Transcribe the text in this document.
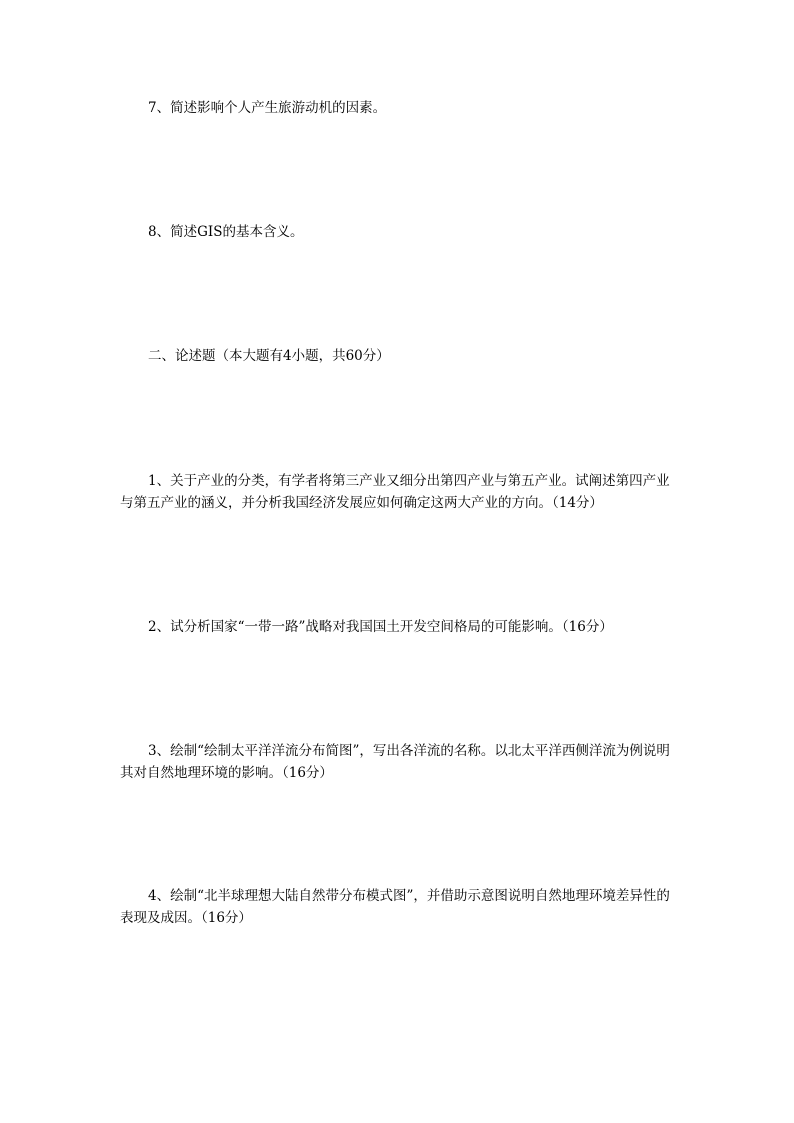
7、简述影响个人产生旅游动机的因素。

8、简述GIS的基本含义。

二、论述题（本大题有4小题，共60分）

1、关于产业的分类，有学者将第三产业又细分出第四产业与第五产业。试阐述第四产业与第五产业的涵义，并分析我国经济发展应如何确定这两大产业的方向。（14分）

2、试分析国家“一带一路”战略对我国国土开发空间格局的可能影响。（16分）

3、绘制“绘制太平洋洋流分布简图”，写出各洋流的名称。以北太平洋西侧洋流为例说明其对自然地理环境的影响。（16分）

4、绘制“北半球理想大陆自然带分布模式图”，并借助示意图说明自然地理环境差异性的表现及成因。（16分）
